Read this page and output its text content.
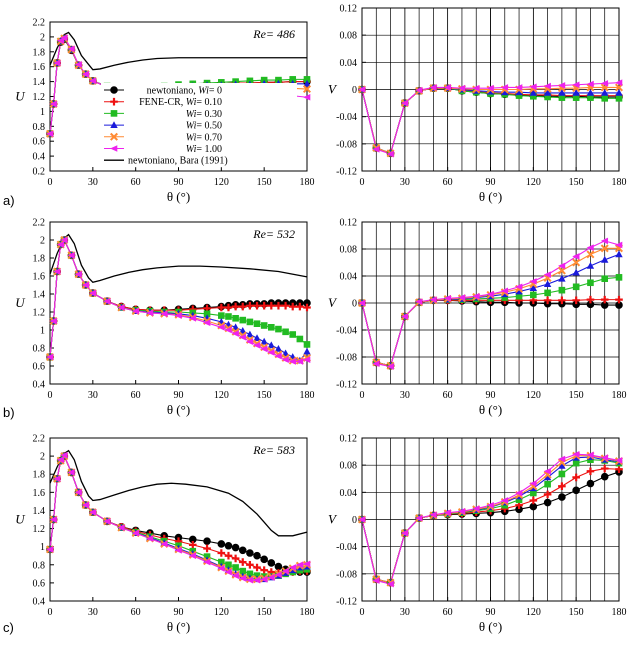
0	30	60	90	120	150	180
0.2
0.4
0.6
0.8
1
1.2
1.4
1.6
1.8
2
2.2
θ (°)
U
Re= 486
0	30	60	90	120	150	180
-0.12
-0.08
-0.04
0
0.04
0.08
0.12
θ (°)
V
0	30	60	90	120	150	180
0.4
0.6
0.8
1
1.2
1.4
1.6
1.8
2
2.2
θ (°)
U
Re= 532
0	30	60	90	120	150	180
-0.12
-0.08
-0.04
0
0.04
0.08
0.12
θ (°)
V
0	30	60	90	120	150	180
0.4
0.6
0.8
1
1.2
1.4
1.6
1.8
2
2.2
θ (°)
U
Re= 583
0	30	60	90	120	150	180
-0.12
-0.08
-0.04
0
0.04
0.08
0.12
θ (°)
V
newtoniano, Wi= 0
FENE-CR, Wi= 0.10
Wi= 0.30
Wi= 0.50
Wi= 0.70
Wi= 1.00
newtoniano, Bara (1991)
a)
b)
c)
